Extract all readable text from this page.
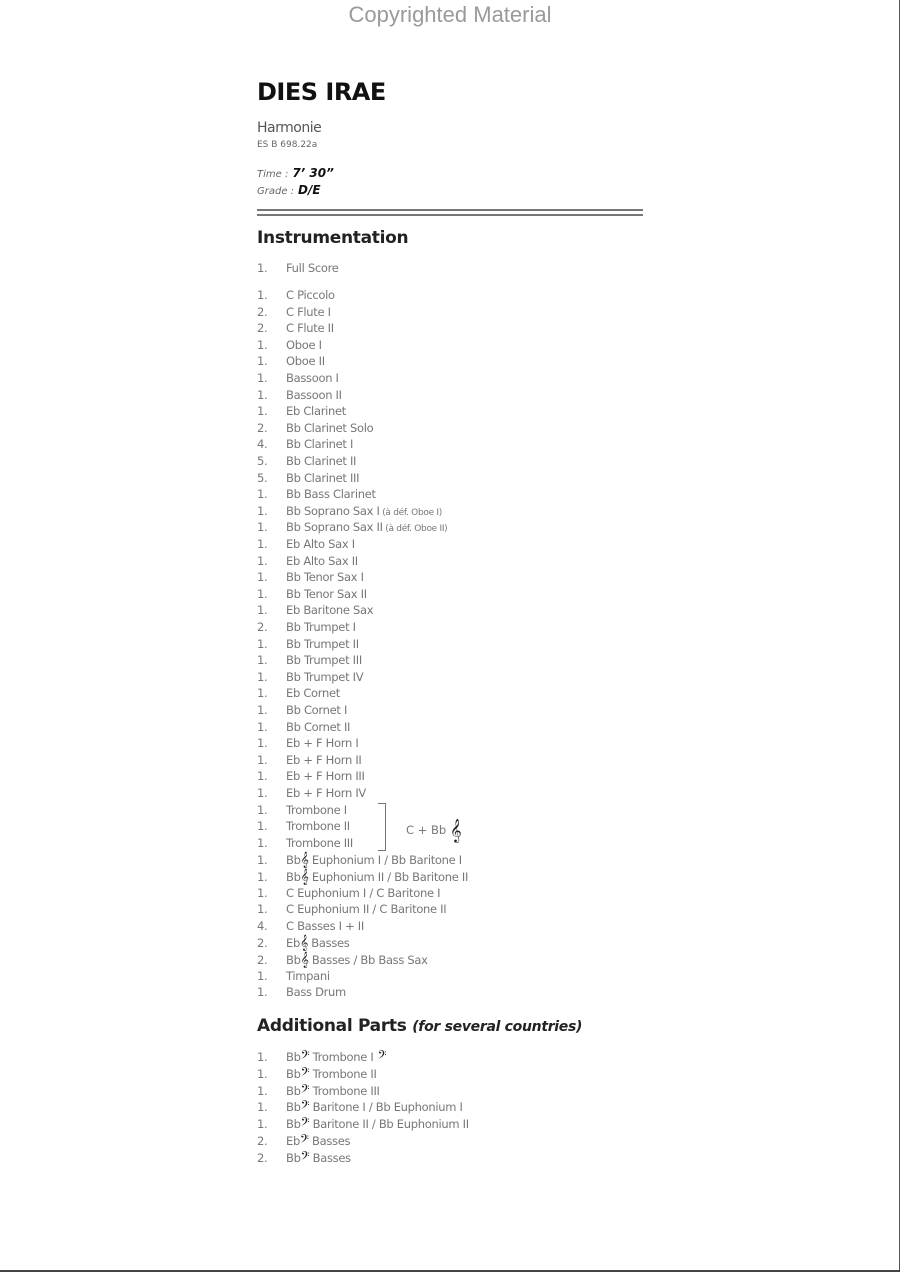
Copyrighted Material
DIES IRAE
Harmonie
ES B 698.22a
Time : 7’ 30”
Grade : D/E
Instrumentation
1. Full Score
1. C Piccolo
2. C Flute I
2. C Flute II
1. Oboe I
1. Oboe II
1. Bassoon I
1. Bassoon II
1. Eb Clarinet
2. Bb Clarinet Solo
4. Bb Clarinet I
5. Bb Clarinet II
5. Bb Clarinet III
1. Bb Bass Clarinet
1. Bb Soprano Sax I (à déf. Oboe I)
1. Bb Soprano Sax II (à déf. Oboe II)
1. Eb Alto Sax I
1. Eb Alto Sax II
1. Bb Tenor Sax I
1. Bb Tenor Sax II
1. Eb Baritone Sax
2. Bb Trumpet I
1. Bb Trumpet II
1. Bb Trumpet III
1. Bb Trumpet IV
1. Eb Cornet
1. Bb Cornet I
1. Bb Cornet II
1. Eb + F Horn I
1. Eb + F Horn II
1. Eb + F Horn III
1. Eb + F Horn IV
1. Trombone I
1. Trombone II
1. Trombone III
1. Bb𝄞 Euphonium I / Bb Baritone I
1. Bb𝄞 Euphonium II / Bb Baritone II
1. C Euphonium I / C Baritone I
1. C Euphonium II / C Baritone II
4. C Basses I + II
2. Eb𝄞 Basses
2. Bb𝄞 Basses / Bb Bass Sax
1. Timpani
1. Bass Drum
C + Bb 𝄞
Additional Parts (for several countries)
1. Bb𝄢 Trombone I 𝄢
1. Bb𝄢 Trombone II
1. Bb𝄢 Trombone III
1. Bb𝄢 Baritone I / Bb Euphonium I
1. Bb𝄢 Baritone II / Bb Euphonium II
2. Eb𝄢 Basses
2. Bb𝄢 Basses
